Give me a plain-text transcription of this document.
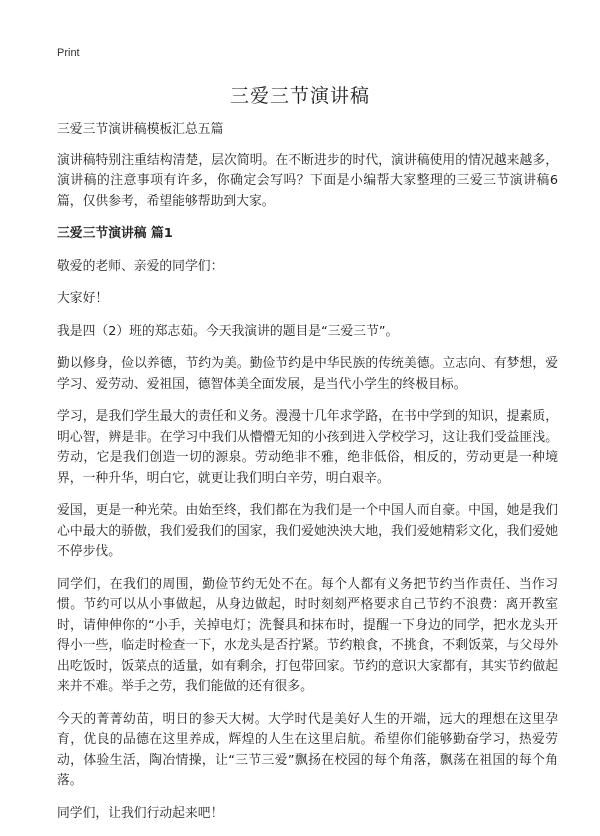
Print
三爱三节演讲稿

三爱三节演讲稿模板汇总五篇

演讲稿特别注重结构清楚，层次简明。在不断进步的时代，演讲稿使用的情况越来越多，演讲稿的注意事项有许多，你确定会写吗？下面是小编帮大家整理的三爱三节演讲稿6篇，仅供参考，希望能够帮助到大家。

三爱三节演讲稿 篇1

敬爱的老师、亲爱的同学们：

大家好！

我是四（2）班的郑志茹。今天我演讲的题目是“三爱三节”。

勤以修身，俭以养德，节约为美。勤俭节约是中华民族的传统美德。立志向、有梦想，爱学习、爱劳动、爱祖国，德智体美全面发展，是当代小学生的终极目标。

学习，是我们学生最大的责任和义务。漫漫十几年求学路，在书中学到的知识，提素质，明心智，辨是非。在学习中我们从懵懵无知的小孩到进入学校学习，这让我们受益匪浅。劳动，它是我们创造一切的源泉。劳动绝非不雅，绝非低俗，相反的，劳动更是一种境界，一种升华，明白它，就更让我们明白辛劳，明白艰辛。

爱国，更是一种光荣。由始至终，我们都在为我们是一个中国人而自豪。中国，她是我们心中最大的骄傲，我们爱我们的国家，我们爱她泱泱大地，我们爱她精彩文化，我们爱她不停步伐。

同学们，在我们的周围，勤俭节约无处不在。每个人都有义务把节约当作责任、当作习惯。节约可以从小事做起，从身边做起，时时刻刻严格要求自己节约不浪费：离开教室时，请伸伸你的“小手，关掉电灯；洗餐具和抹布时，提醒一下身边的同学，把水龙头开得小一些，临走时检查一下，水龙头是否拧紧。节约粮食，不挑食，不剩饭菜，与父母外出吃饭时，饭菜点的适量，如有剩余，打包带回家。节约的意识大家都有，其实节约做起来并不难。举手之劳，我们能做的还有很多。

今天的菁菁幼苗，明日的参天大树。大学时代是美好人生的开端，远大的理想在这里孕育，优良的品德在这里养成，辉煌的人生在这里启航。希望你们能够勤奋学习，热爱劳动，体验生活，陶冶情操，让“三节三爱”飘扬在校园的每个角落，飘荡在祖国的每个角落。

同学们，让我们行动起来吧！
